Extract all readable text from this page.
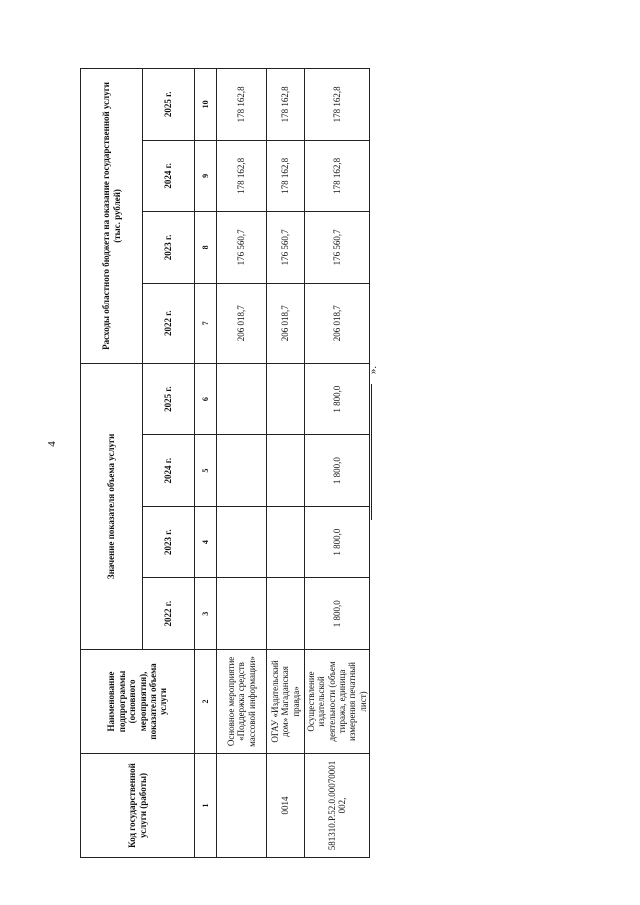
4
».
Код государственной услуги (работы)	Наименование подпрограммы (основного мероприятия), показателя объема услуги	Значение показателя объема услуги				Расходы областного бюджета на оказание государственной услуги (тыс. рублей)			
		2022 г.	2023 г.	2024 г.	2025 г.	2022 г.	2023 г.	2024 г.	2025 г.
1	2	3	4	5	6	7	8	9	10
	Основное мероприятие «Поддержка средств массовой информации»					206 018,7	176 560,7	178 162,8	178 162,8
0014	ОГАУ «Издательский дом» Магаданская правда»					206 018,7	176 560,7	178 162,8	178 162,8
581310.Р.52.0.00070001 002,	Осуществление издательской деятельности (объем тиража, единица измерения печатный лист)	1 800,0	1 800,0	1 800,0	1 800,0	206 018,7	176 560,7	178 162,8	178 162,8
